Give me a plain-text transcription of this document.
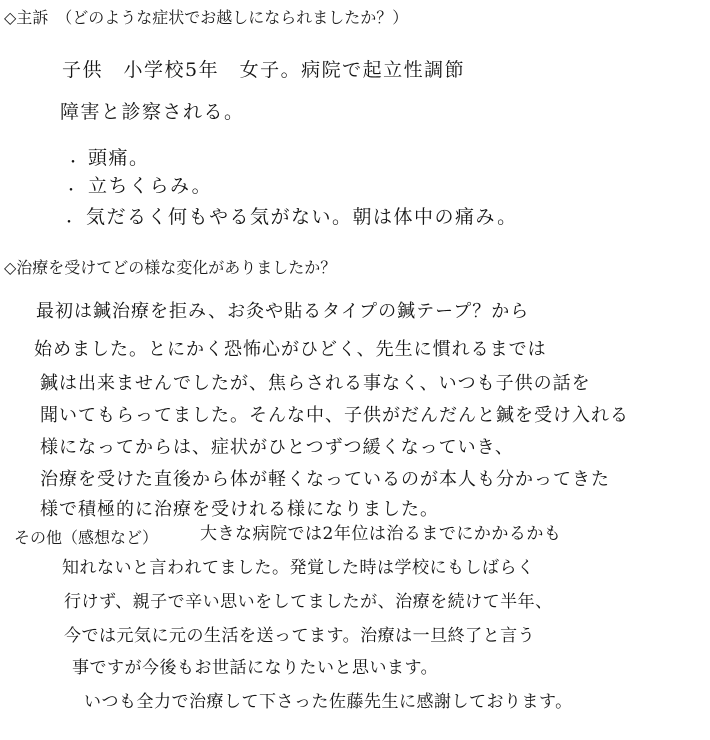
◇主訴　（どのような症状でお越しになられましたか？）
子供　小学校5年　女子。病院で起立性調節
障害と診察される。
・ 頭痛。
・ 立ちくらみ。
・ 気だるく何もやる気がない。朝は体中の痛み。
◇治療を受けてどの様な変化がありましたか？
最初は鍼治療を拒み、お灸や貼るタイプの鍼テープ？から
始めました。とにかく恐怖心がひどく、先生に慣れるまでは
鍼は出来ませんでしたが、焦らされる事なく、いつも子供の話を
聞いてもらってました。そんな中、子供がだんだんと鍼を受け入れる
様になってからは、症状がひとつずつ緩くなっていき、
治療を受けた直後から体が軽くなっているのが本人も分かってきた
様で積極的に治療を受けれる様になりました。
その他（感想など） 大きな病院では2年位は治るまでにかかるかも
知れないと言われてました。発覚した時は学校にもしばらく
行けず、親子で辛い思いをしてましたが、治療を続けて半年、
今では元気に元の生活を送ってます。治療は一旦終了と言う
事ですが今後もお世話になりたいと思います。
いつも全力で治療して下さった佐藤先生に感謝しております。
